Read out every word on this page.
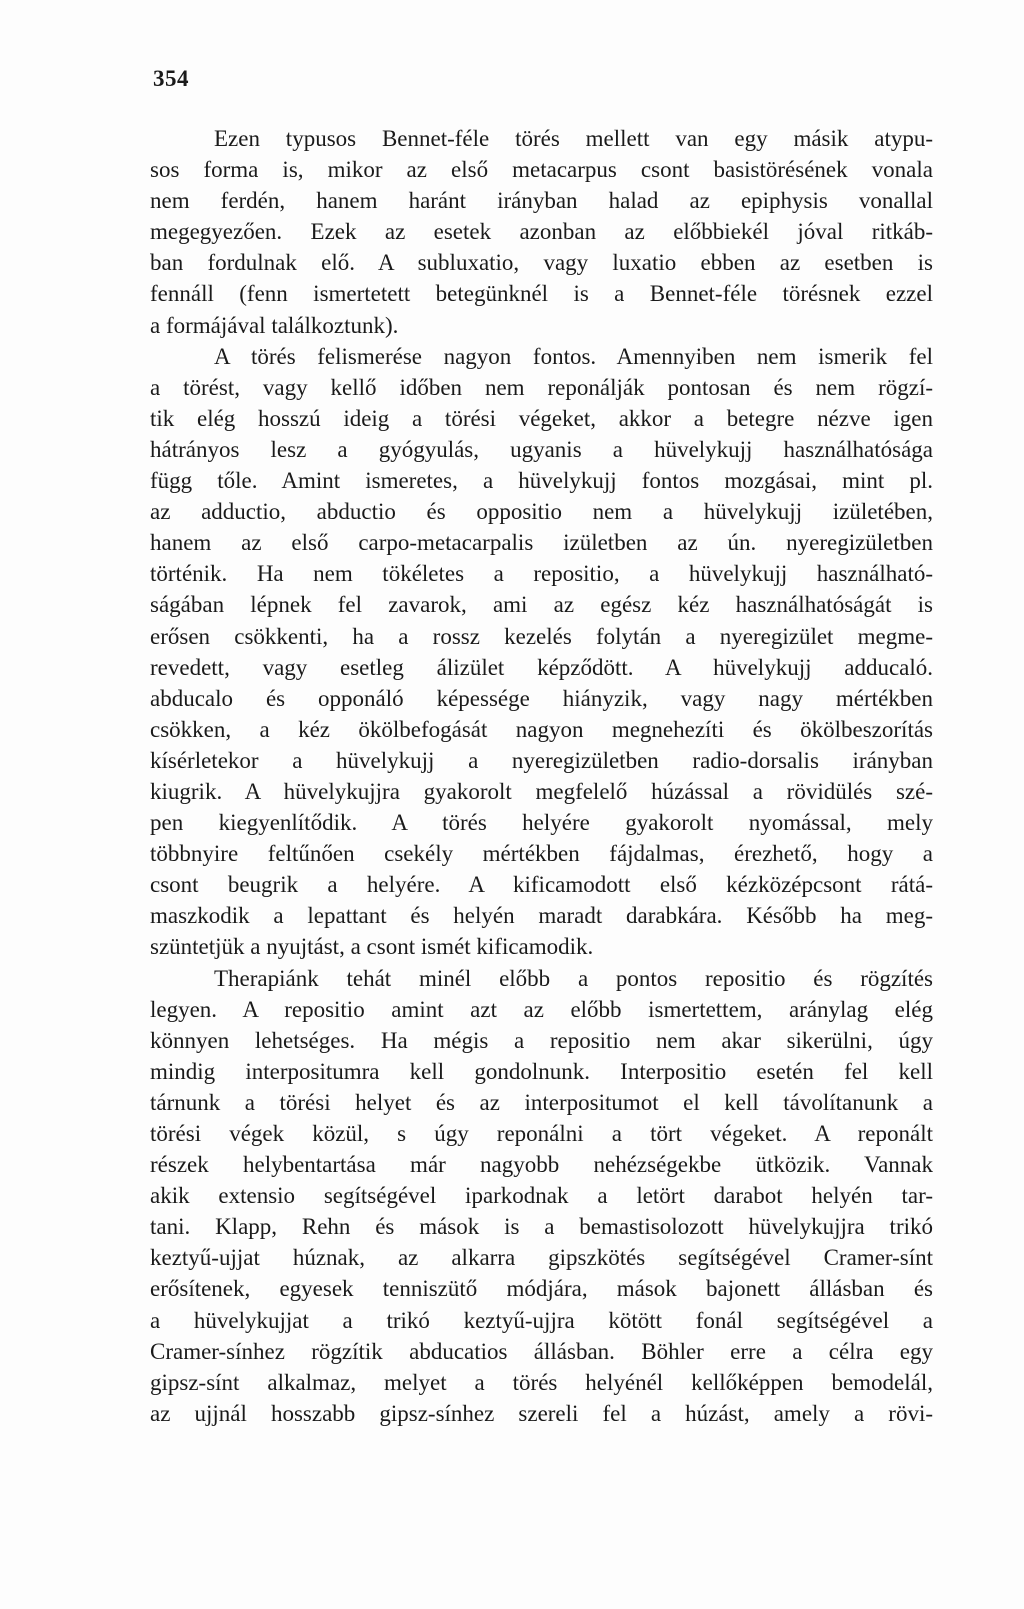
354
Ezen typusos Bennet-féle törés mellett van egy másik atypu-
sos forma is, mikor az első metacarpus csont basistörésének vonala
nem ferdén, hanem haránt irányban halad az epiphysis vonallal
megegyezően. Ezek az esetek azonban az előbbiekél jóval ritkáb-
ban fordulnak elő. A subluxatio, vagy luxatio ebben az esetben is
fennáll (fenn ismertetett betegünknél is a Bennet-féle törésnek ezzel
a formájával találkoztunk).
A törés felismerése nagyon fontos. Amennyiben nem ismerik fel
a törést, vagy kellő időben nem reponálják pontosan és nem rögzí-
tik elég hosszú ideig a törési végeket, akkor a betegre nézve igen
hátrányos lesz a gyógyulás, ugyanis a hüvelykujj használhatósága
függ tőle. Amint ismeretes, a hüvelykujj fontos mozgásai, mint pl.
az adductio, abductio és oppositio nem a hüvelykujj izületében,
hanem az első carpo-metacarpalis izületben az ún. nyeregizületben
történik. Ha nem tökéletes a repositio, a hüvelykujj használható-
ságában lépnek fel zavarok, ami az egész kéz használhatóságát is
erősen csökkenti, ha a rossz kezelés folytán a nyeregizület megme-
revedett, vagy esetleg álizület képződött. A hüvelykujj adducaló.
abducalo és opponáló képessége hiányzik, vagy nagy mértékben
csökken, a kéz ökölbefogását nagyon megnehezíti és ökölbeszorítás
kísérletekor a hüvelykujj a nyeregizületben radio-dorsalis irányban
kiugrik. A hüvelykujjra gyakorolt megfelelő húzással a rövidülés szé-
pen kiegyenlítődik. A törés helyére gyakorolt nyomással, mely
többnyire feltűnően csekély mértékben fájdalmas, érezhető, hogy a
csont beugrik a helyére. A kificamodott első kézközépcsont rátá-
maszkodik a lepattant és helyén maradt darabkára. Később ha meg-
szüntetjük a nyujtást, a csont ismét kificamodik.
Therapiánk tehát minél előbb a pontos repositio és rögzítés
legyen. A repositio amint azt az előbb ismertettem, aránylag elég
könnyen lehetséges. Ha mégis a repositio nem akar sikerülni, úgy
mindig interpositumra kell gondolnunk. Interpositio esetén fel kell
tárnunk a törési helyet és az interpositumot el kell távolítanunk a
törési végek közül, s úgy reponálni a tört végeket. A reponált
részek helybentartása már nagyobb nehézségekbe ütközik. Vannak
akik extensio segítségével iparkodnak a letört darabot helyén tar-
tani. Klapp, Rehn és mások is a bemastisolozott hüvelykujjra trikó
keztyű-ujjat húznak, az alkarra gipszkötés segítségével Cramer-sínt
erősítenek, egyesek tenniszütő módjára, mások bajonett állásban és
a hüvelykujjat a trikó keztyű-ujjra kötött fonál segítségével a
Cramer-sínhez rögzítik abducatios állásban. Böhler erre a célra egy
gipsz-sínt alkalmaz, melyet a törés helyénél kellőképpen bemodelál,
az ujjnál hosszabb gipsz-sínhez szereli fel a húzást, amely a rövi-
